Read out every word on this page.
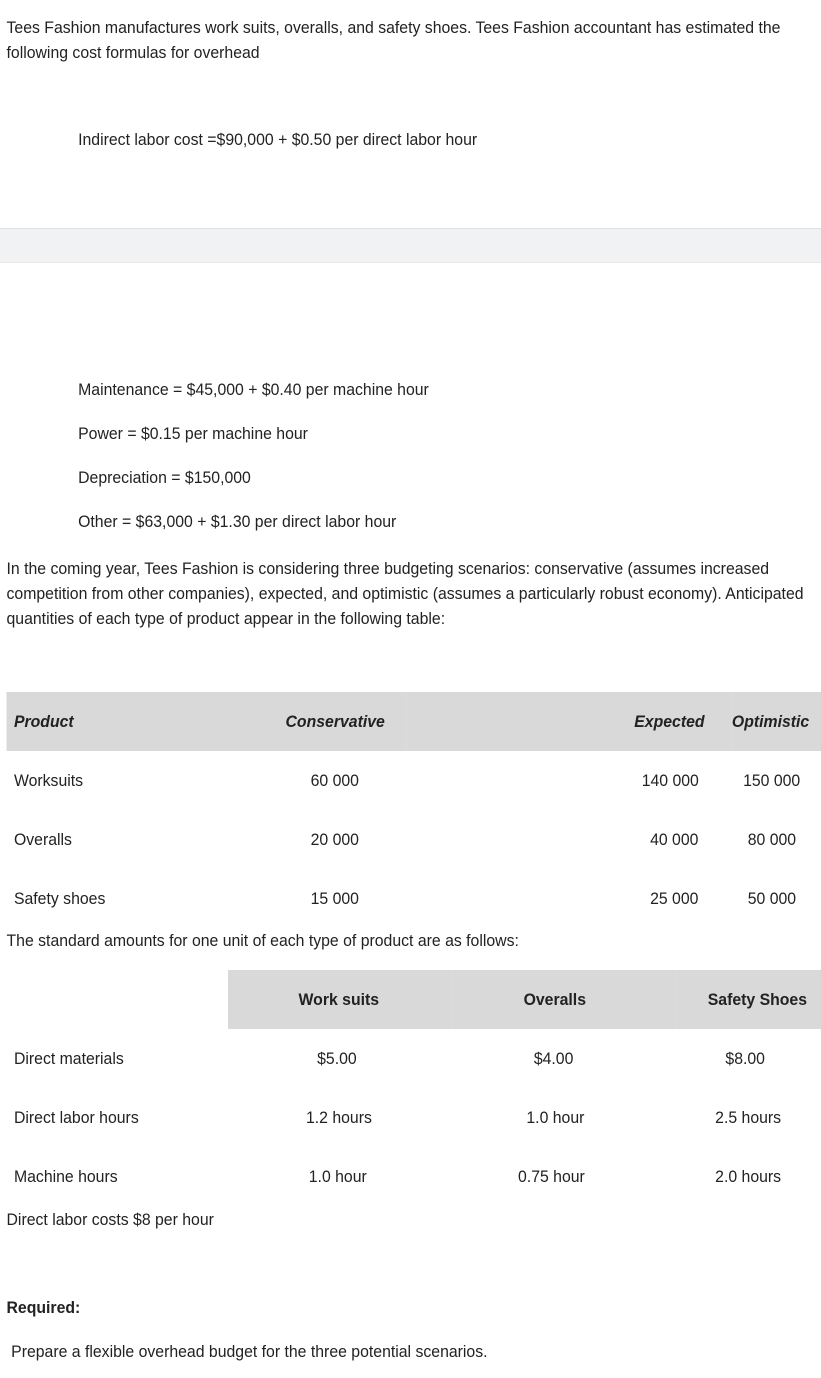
Tees Fashion manufactures work suits, overalls, and safety shoes. Tees Fashion accountant has estimated the following cost formulas for overhead
Indirect labor cost =$90,000 + $0.50 per direct labor hour
Maintenance = $45,000 + $0.40 per machine hour
Power = $0.15 per machine hour
Depreciation = $150,000
Other = $63,000 + $1.30 per direct labor hour
In the coming year, Tees Fashion is considering three budgeting scenarios: conservative (assumes increased competition from other companies), expected, and optimistic (assumes a particularly robust economy). Anticipated quantities of each type of product appear in the following table:
Product	Conservative	Expected	Optimistic
Worksuits	60 000	140 000	150 000
Overalls	20 000	40 000	80 000
Safety shoes	15 000	25 000	50 000
The standard amounts for one unit of each type of product are as follows:
	Work suits	Overalls	Safety Shoes
Direct materials	$5.00	$4.00	$8.00
Direct labor hours	1.2 hours	1.0 hour	2.5 hours
Machine hours	1.0 hour	0.75 hour	2.0 hours
Direct labor costs $8 per hour
Required:
Prepare a flexible overhead budget for the three potential scenarios.
